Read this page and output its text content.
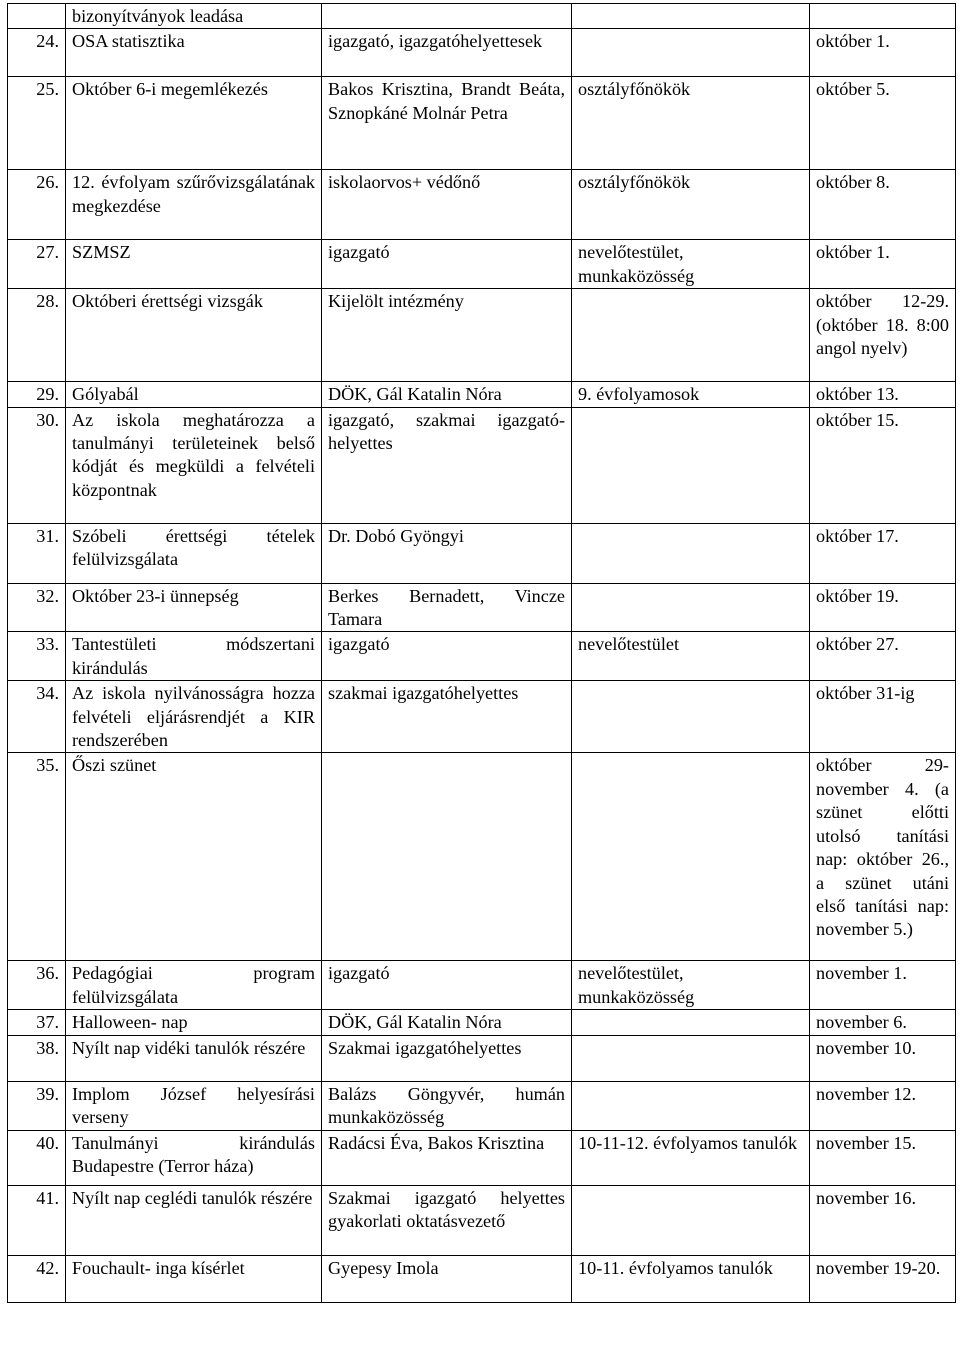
	bizonyítványok leadása			
24.	OSA statisztika	igazgató, igazgatóhelyettesek		október 1.
25.	Október 6-i megemlékezés	Bakos Krisztina, Brandt Beáta, Sznopkáné Molnár Petra	osztályfőnökök	október 5.
26.	12. évfolyam szűrővizsgálatának megkezdése	iskolaorvos+ védőnő	osztályfőnökök	október 8.
27.	SZMSZ	igazgató	nevelőtestület, munkaközösség	október 1.
28.	Októberi érettségi vizsgák	Kijelölt intézmény		október 12-29. (október 18. 8:00 angol nyelv)
29.	Gólyabál	DÖK, Gál Katalin Nóra	9. évfolyamosok	október 13.
30.	Az iskola meghatározza a tanulmányi területeinek belső kódját és megküldi a felvételi központnak	igazgató, szakmai igazgató- helyettes		október 15.
31.	Szóbeli érettségi tételek felülvizsgálata	Dr. Dobó Gyöngyi		október 17.
32.	Október 23-i ünnepség	Berkes Bernadett, Vincze Tamara		október 19.
33.	Tantestületi módszertani kirándulás	igazgató	nevelőtestület	október 27.
34.	Az iskola nyilvánosságra hozza felvételi eljárásrendjét a KIR rendszerében	szakmai igazgatóhelyettes		október 31-ig
35.	Őszi szünet			október 29- november 4. (a szünet előtti utolsó tanítási nap: október 26., a szünet utáni első tanítási nap: november 5.)
36.	Pedagógiai program felülvizsgálata	igazgató	nevelőtestület, munkaközösség	november 1.
37.	Halloween- nap	DÖK, Gál Katalin Nóra		november 6.
38.	Nyílt nap vidéki tanulók részére	Szakmai igazgatóhelyettes		november 10.
39.	Implom József helyesírási verseny	Balázs Göngyvér, humán munkaközösség		november 12.
40.	Tanulmányi kirándulás Budapestre (Terror háza)	Radácsi Éva, Bakos Krisztina	10-11-12. évfolyamos tanulók	november 15.
41.	Nyílt nap ceglédi tanulók részére	Szakmai igazgató helyettes gyakorlati oktatásvezető		november 16.
42.	Fouchault- inga kísérlet	Gyepesy Imola	10-11. évfolyamos tanulók	november 19-20.
